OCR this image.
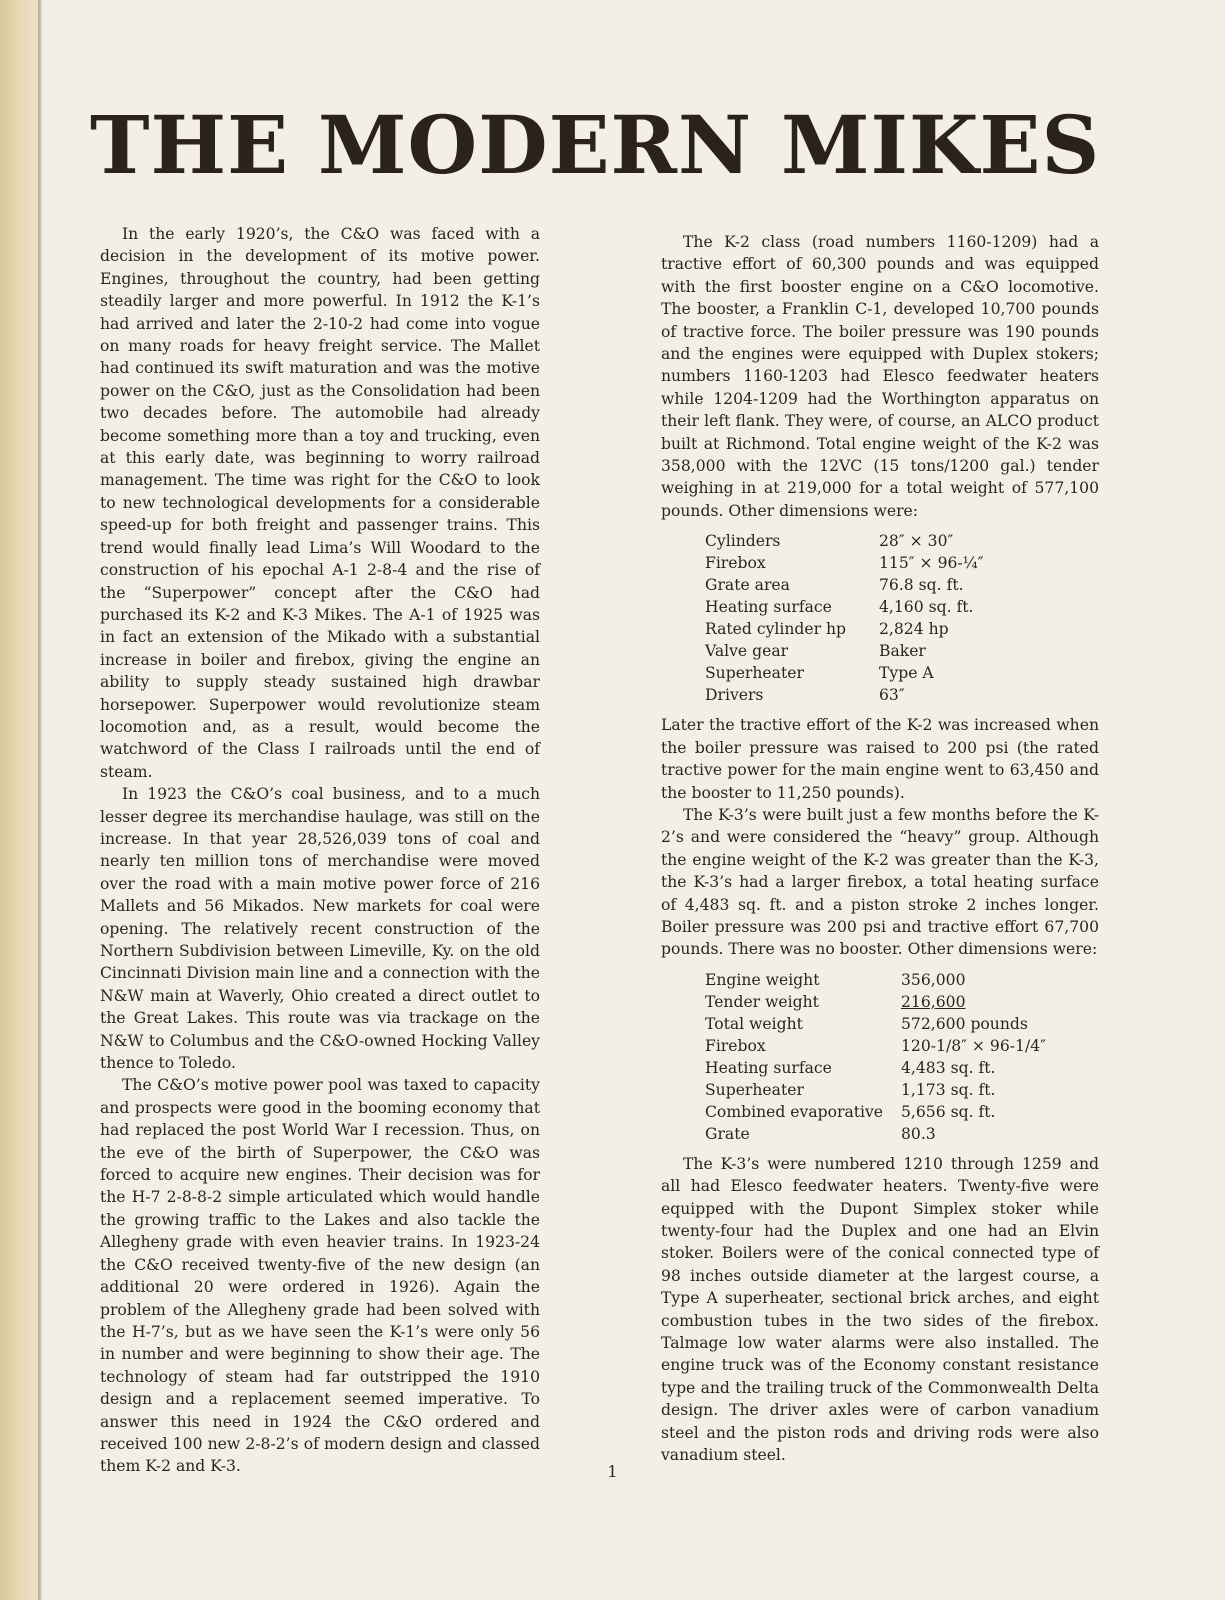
THE MODERN MIKES

In the early 1920’s, the C&O was faced with a decision in the development of its motive power. Engines, throughout the country, had been getting steadily larger and more powerful. In 1912 the K-1’s had arrived and later the 2-10-2 had come into vogue on many roads for heavy freight service. The Mallet had continued its swift maturation and was the motive power on the C&O, just as the Consolidation had been two decades before. The automobile had already become something more than a toy and trucking, even at this early date, was beginning to worry railroad management. The time was right for the C&O to look to new technological developments for a considerable speed-up for both freight and passenger trains. This trend would finally lead Lima’s Will Woodard to the construction of his epochal A-1 2-8-4 and the rise of the “Superpower” concept after the C&O had purchased its K-2 and K-3 Mikes. The A-1 of 1925 was in fact an extension of the Mikado with a substantial increase in boiler and firebox, giving the engine an ability to supply steady sustained high drawbar horsepower. Superpower would revolutionize steam locomotion and, as a result, would become the watchword of the Class I railroads until the end of steam.

In 1923 the C&O’s coal business, and to a much lesser degree its merchandise haulage, was still on the increase. In that year 28,526,039 tons of coal and nearly ten million tons of merchandise were moved over the road with a main motive power force of 216 Mallets and 56 Mikados. New markets for coal were opening. The relatively recent construction of the Northern Subdivision between Limeville, Ky. on the old Cincinnati Division main line and a connection with the N&W main at Waverly, Ohio created a direct outlet to the Great Lakes. This route was via trackage on the N&W to Columbus and the C&O-owned Hocking Valley thence to Toledo.

The C&O’s motive power pool was taxed to capacity and prospects were good in the booming economy that had replaced the post World War I recession. Thus, on the eve of the birth of Superpower, the C&O was forced to acquire new engines. Their decision was for the H-7 2-8-8-2 simple articulated which would handle the growing traffic to the Lakes and also tackle the Allegheny grade with even heavier trains. In 1923-24 the C&O received twenty-five of the new design (an additional 20 were ordered in 1926). Again the problem of the Allegheny grade had been solved with the H-7’s, but as we have seen the K-1’s were only 56 in number and were beginning to show their age. The technology of steam had far outstripped the 1910 design and a replacement seemed imperative. To answer this need in 1924 the C&O ordered and received 100 new 2-8-2’s of modern design and classed them K-2 and K-3.

The K-2 class (road numbers 1160-1209) had a tractive effort of 60,300 pounds and was equipped with the first booster engine on a C&O locomotive. The booster, a Franklin C-1, developed 10,700 pounds of tractive force. The boiler pressure was 190 pounds and the engines were equipped with Duplex stokers; numbers 1160-1203 had Elesco feedwater heaters while 1204-1209 had the Worthington apparatus on their left flank. They were, of course, an ALCO product built at Richmond. Total engine weight of the K-2 was 358,000 with the 12VC (15 tons/1200 gal.) tender weighing in at 219,000 for a total weight of 577,100 pounds. Other dimensions were:

Cylinders	28″ × 30″
Firebox	115″ × 96-¼″
Grate area	76.8 sq. ft.
Heating surface	4,160 sq. ft.
Rated cylinder hp	2,824 hp
Valve gear	Baker
Superheater	Type A
Drivers	63″

Later the tractive effort of the K-2 was increased when the boiler pressure was raised to 200 psi (the rated tractive power for the main engine went to 63,450 and the booster to 11,250 pounds).

The K-3’s were built just a few months before the K-2’s and were considered the “heavy” group. Although the engine weight of the K-2 was greater than the K-3, the K-3’s had a larger firebox, a total heating surface of 4,483 sq. ft. and a piston stroke 2 inches longer. Boiler pressure was 200 psi and tractive effort 67,700 pounds. There was no booster. Other dimensions were:

Engine weight	356,000
Tender weight	216,600
Total weight	572,600 pounds
Firebox	120-1/8″ × 96-1/4″
Heating surface	4,483 sq. ft.
Superheater	1,173 sq. ft.
Combined evaporative	5,656 sq. ft.
Grate	80.3

The K-3’s were numbered 1210 through 1259 and all had Elesco feedwater heaters. Twenty-five were equipped with the Dupont Simplex stoker while twenty-four had the Duplex and one had an Elvin stoker. Boilers were of the conical connected type of 98 inches outside diameter at the largest course, a Type A superheater, sectional brick arches, and eight combustion tubes in the two sides of the firebox. Talmage low water alarms were also installed. The engine truck was of the Economy constant resistance type and the trailing truck of the Commonwealth Delta design. The driver axles were of carbon vanadium steel and the piston rods and driving rods were also vanadium steel.

1
